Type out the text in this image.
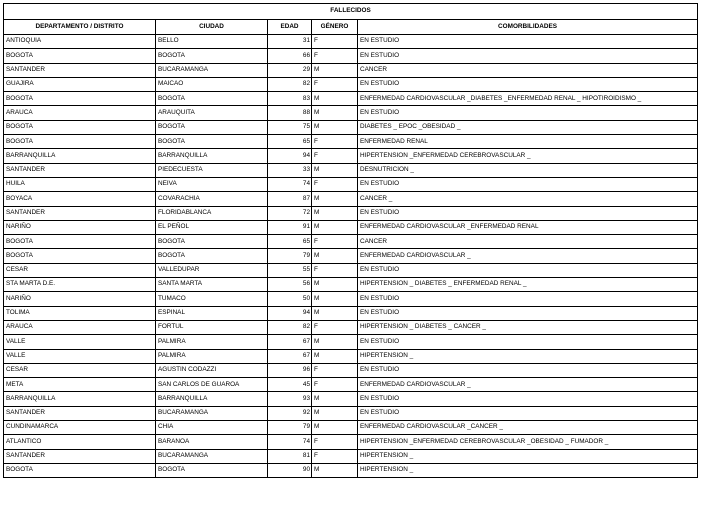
FALLECIDOS				
DEPARTAMENTO / DISTRITO	CIUDAD	EDAD	GÉNERO	COMORBILIDADES
ANTIOQUIA	BELLO	31	F	EN ESTUDIO
BOGOTA	BOGOTA	66	F	EN ESTUDIO
SANTANDER	BUCARAMANGA	29	M	CANCER
GUAJIRA	MAICAO	82	F	EN ESTUDIO
BOGOTA	BOGOTA	83	M	ENFERMEDAD CARDIOVASCULAR _DIABETES _ENFERMEDAD RENAL _ HIPOTIROIDISMO _
ARAUCA	ARAUQUITA	88	M	EN ESTUDIO
BOGOTA	BOGOTA	75	M	DIABETES _ EPOC _OBESIDAD _
BOGOTA	BOGOTA	65	F	ENFERMEDAD RENAL
BARRANQUILLA	BARRANQUILLA	94	F	HIPERTENSION _ENFERMEDAD CEREBROVASCULAR _
SANTANDER	PIEDECUESTA	33	M	DESNUTRICION _
HUILA	NEIVA	74	F	EN ESTUDIO
BOYACA	COVARACHIA	87	M	CANCER _
SANTANDER	FLORIDABLANCA	72	M	EN ESTUDIO
NARIÑO	EL PEÑOL	91	M	ENFERMEDAD CARDIOVASCULAR _ENFERMEDAD RENAL
BOGOTA	BOGOTA	65	F	CANCER
BOGOTA	BOGOTA	79	M	ENFERMEDAD CARDIOVASCULAR _
CESAR	VALLEDUPAR	55	F	EN ESTUDIO
STA MARTA D.E.	SANTA MARTA	56	M	HIPERTENSION _ DIABETES _ ENFERMEDAD RENAL _
NARIÑO	TUMACO	50	M	EN ESTUDIO
TOLIMA	ESPINAL	94	M	EN ESTUDIO
ARAUCA	FORTUL	82	F	HIPERTENSION _ DIABETES _ CANCER _
VALLE	PALMIRA	67	M	EN ESTUDIO
VALLE	PALMIRA	67	M	HIPERTENSION _
CESAR	AGUSTIN CODAZZI	96	F	EN ESTUDIO
META	SAN CARLOS DE GUAROA	45	F	ENFERMEDAD CARDIOVASCULAR _
BARRANQUILLA	BARRANQUILLA	93	M	EN ESTUDIO
SANTANDER	BUCARAMANGA	92	M	EN ESTUDIO
CUNDINAMARCA	CHIA	79	M	ENFERMEDAD CARDIOVASCULAR _CANCER _
ATLANTICO	BARANOA	74	F	HIPERTENSION _ENFERMEDAD CEREBROVASCULAR _OBESIDAD _ FUMADOR _
SANTANDER	BUCARAMANGA	81	F	HIPERTENSION _
BOGOTA	BOGOTA	90	M	HIPERTENSION _
